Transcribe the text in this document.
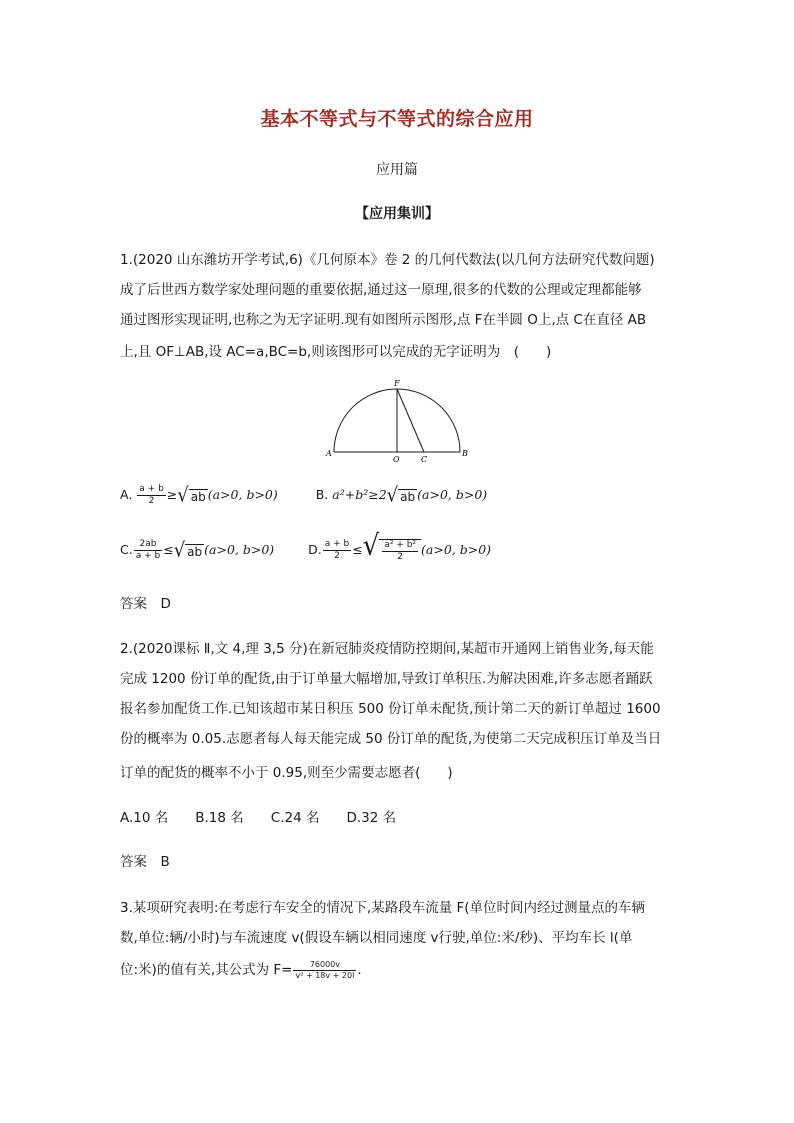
基本不等式与不等式的综合应用
应用篇
【应用集训】
1.(2020 山东潍坊开学考试,6)《几何原本》卷 2 的几何代数法(以几何方法研究代数问题)
成了后世西方数学家处理问题的重要依据,通过这一原理,很多的代数的公理或定理都能够
通过图形实现证明,也称之为无字证明.现有如图所示图形,点 F在半圆 O上,点 C在直径 AB
上,且 OF⊥AB,设 AC=a,BC=b,则该图形可以完成的无字证明为　(　　)
A	B
O	C
F
A. $\frac{a + b}{2}$ ≥√ ab (a>0, b>0)	B. a²+b²≥2√ ab (a>0, b>0)
C. $\frac{2ab}{a + b}$ ≤√ ab (a>0, b>0)	D. $\frac{a + b}{2}$ ≤√ $\frac{\text{a² + b²}}{2} (a>0$, b>0)
答案　D
2.(2020课标 Ⅱ,文 4,理 3,5 分)在新冠肺炎疫情防控期间,某超市开通网上销售业务,每天能
完成 1200 份订单的配货,由于订单量大幅增加,导致订单积压.为解决困难,许多志愿者踊跃
报名参加配货工作.已知该超市某日积压 500 份订单未配货,预计第二天的新订单超过 1600
份的概率为 0.05.志愿者每人每天能完成 50 份订单的配货,为使第二天完成积压订单及当日
订单的配货的概率不小于 0.95,则至少需要志愿者(　　)
A.10 名　　B.18 名　　C.24 名　　D.32 名
答案　B
3.某项研究表明:在考虑行车安全的情况下,某路段车流量 F(单位时间内经过测量点的车辆
数,单位:辆/小时)与车流速度 v(假设车辆以相同速度 v行驶,单位:米/秒)、平均车长 l(单
位:米)的值有关,其公式为 $F= \frac{76000v}{\text{v² + 18v + 20l}}$ .
